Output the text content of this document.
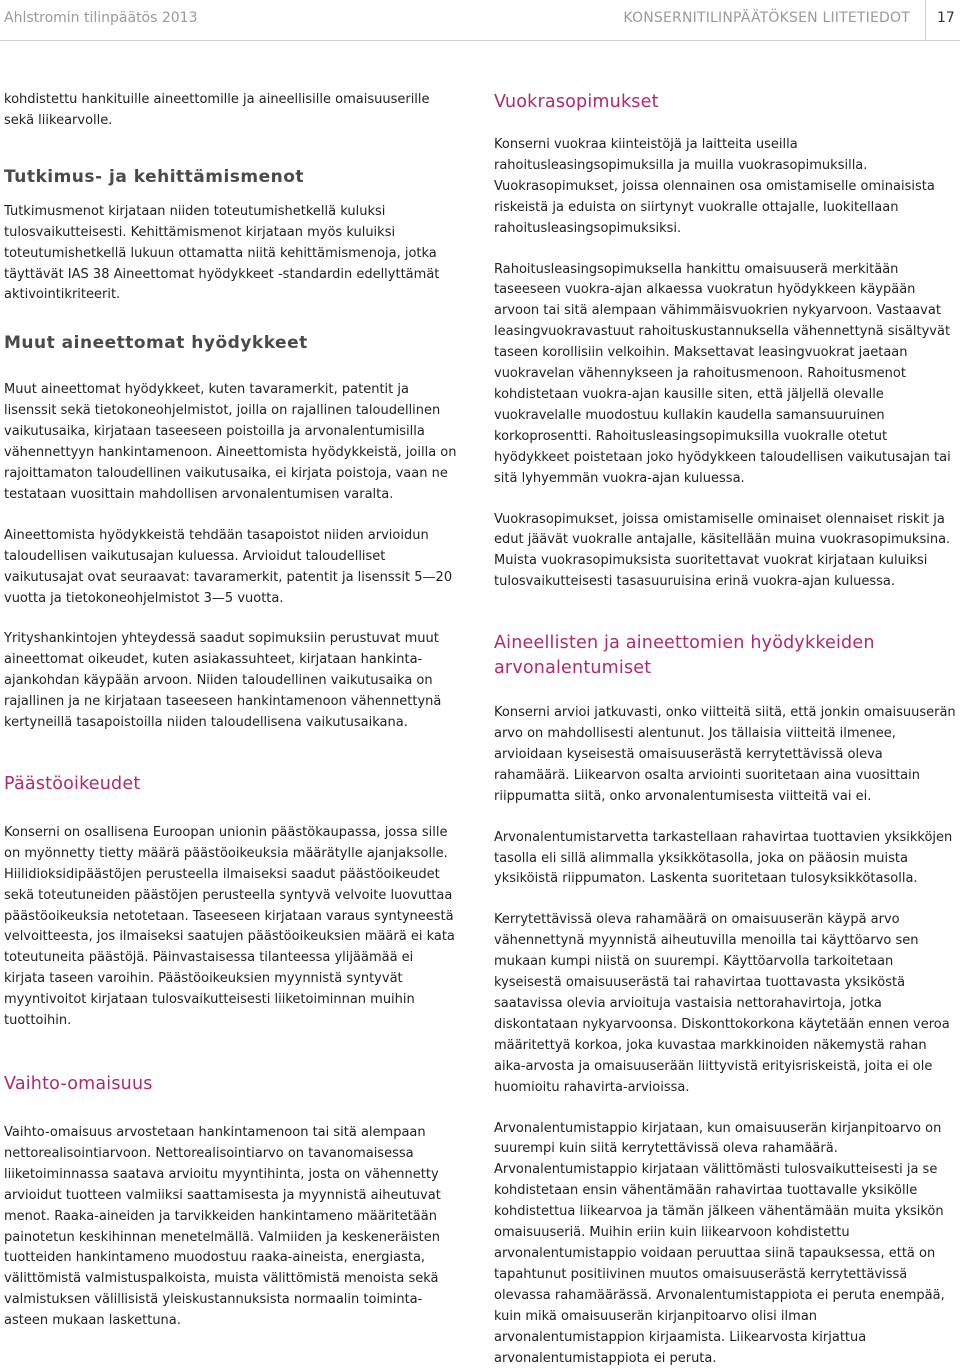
Ahlstromin tilinpäätös 2013	KONSERNITILINPÄÄTÖKSEN LIITETIEDOT 17

kohdistettu hankituille aineettomille ja aineellisille omaisuuserille sekä liikearvolle.

Tutkimus- ja kehittämismenot

Tutkimusmenot kirjataan niiden toteutumishetkellä kuluksi tulosvaikutteisesti. Kehittämismenot kirjataan myös kuluiksi toteutumishetkellä lukuun ottamatta niitä kehittämismenoja, jotka täyttävät IAS 38 Aineettomat hyödykkeet -standardin edellyttämät aktivointikriteerit.

Muut aineettomat hyödykkeet

Muut aineettomat hyödykkeet, kuten tavaramerkit, patentit ja lisenssit sekä tietokoneohjelmistot, joilla on rajallinen taloudellinen vaikutusaika, kirjataan taseeseen poistoilla ja arvonalentumisilla vähennettyyn hankintamenoon. Aineettomista hyödykkeistä, joilla on rajoittamaton taloudellinen vaikutusaika, ei kirjata poistoja, vaan ne testataan vuosittain mahdollisen arvonalentumisen varalta.

Aineettomista hyödykkeistä tehdään tasapoistot niiden arvioidun taloudellisen vaikutusajan kuluessa. Arvioidut taloudelliset vaikutusajat ovat seuraavat: tavaramerkit, patentit ja lisenssit 5—20 vuotta ja tietokoneohjelmistot 3—5 vuotta.

Yrityshankintojen yhteydessä saadut sopimuksiin perustuvat muut aineettomat oikeudet, kuten asiakassuhteet, kirjataan hankinta-ajankohdan käypään arvoon. Niiden taloudellinen vaikutusaika on rajallinen ja ne kirjataan taseeseen hankintamenoon vähennettynä kertyneillä tasapoistoilla niiden taloudellisena vaikutusaikana.

Päästöoikeudet

Konserni on osallisena Euroopan unionin päästökaupassa, jossa sille on myönnetty tietty määrä päästöoikeuksia määrätylle ajanjaksolle. Hiilidioksidipäästöjen perusteella ilmaiseksi saadut päästöoikeudet sekä toteutuneiden päästöjen perusteella syntyvä velvoite luovuttaa päästöoikeuksia netotetaan. Taseeseen kirjataan varaus syntyneestä velvoitteesta, jos ilmaiseksi saatujen päästöoikeuksien määrä ei kata toteutuneita päästöjä. Päinvastaisessa tilanteessa ylijäämää ei kirjata taseen varoihin. Päästöoikeuksien myynnistä syntyvät myyntivoitot kirjataan tulosvaikutteisesti liiketoiminnan muihin tuottoihin.

Vaihto-omaisuus

Vaihto-omaisuus arvostetaan hankintamenoon tai sitä alempaan nettorealisointiarvoon. Nettorealisointiarvo on tavanomaisessa liiketoiminnassa saatava arvioitu myyntihinta, josta on vähennetty arvioidut tuotteen valmiiksi saattamisesta ja myynnistä aiheutuvat menot. Raaka-aineiden ja tarvikkeiden hankintameno määritetään painotetun keskihinnan menetelmällä. Valmiiden ja keskeneräisten tuotteiden hankintameno muodostuu raaka-aineista, energiasta, välittömistä valmistuspalkoista, muista välittömistä menoista sekä valmistuksen välillisistä yleiskustannuksista normaalin toiminta-asteen mukaan laskettuna.

Vuokrasopimukset

Konserni vuokraa kiinteistöjä ja laitteita useilla rahoitusleasingsopimuksilla ja muilla vuokrasopimuksilla. Vuokrasopimukset, joissa olennainen osa omistamiselle ominaisista riskeistä ja eduista on siirtynyt vuokralle ottajalle, luokitellaan rahoitusleasingsopimuksiksi.

Rahoitusleasingsopimuksella hankittu omaisuuserä merkitään taseeseen vuokra-ajan alkaessa vuokratun hyödykkeen käypään arvoon tai sitä alempaan vähimmäisvuokrien nykyarvoon. Vastaavat leasingvuokravastuut rahoituskustannuksella vähennettynä sisältyvät taseen korollisiin velkoihin. Maksettavat leasingvuokrat jaetaan vuokravelan vähennykseen ja rahoitusmenoon. Rahoitusmenot kohdistetaan vuokra-ajan kausille siten, että jäljellä olevalle vuokravelalle muodostuu kullakin kaudella samansuuruinen korkoprosentti. Rahoitusleasingsopimuksilla vuokralle otetut hyödykkeet poistetaan joko hyödykkeen taloudellisen vaikutusajan tai sitä lyhyemmän vuokra-ajan kuluessa.

Vuokrasopimukset, joissa omistamiselle ominaiset olennaiset riskit ja edut jäävät vuokralle antajalle, käsitellään muina vuokrasopimuksina. Muista vuokrasopimuksista suoritettavat vuokrat kirjataan kuluiksi tulosvaikutteisesti tasasuuruisina erinä vuokra-ajan kuluessa.

Aineellisten ja aineettomien hyödykkeiden arvonalentumiset

Konserni arvioi jatkuvasti, onko viitteitä siitä, että jonkin omaisuuserän arvo on mahdollisesti alentunut. Jos tällaisia viitteitä ilmenee, arvioidaan kyseisestä omaisuuserästä kerrytettävissä oleva rahamäärä. Liikearvon osalta arviointi suoritetaan aina vuosittain riippumatta siitä, onko arvonalentumisesta viitteitä vai ei.

Arvonalentumistarvetta tarkastellaan rahavirtaa tuottavien yksikköjen tasolla eli sillä alimmalla yksikkötasolla, joka on pääosin muista yksiköistä riippumaton. Laskenta suoritetaan tulosyksikkötasolla.

Kerrytettävissä oleva rahamäärä on omaisuuserän käypä arvo vähennettynä myynnistä aiheutuvilla menoilla tai käyttöarvo sen mukaan kumpi niistä on suurempi. Käyttöarvolla tarkoitetaan kyseisestä omaisuuserästä tai rahavirtaa tuottavasta yksiköstä saatavissa olevia arvioituja vastaisia nettorahavirtoja, jotka diskontataan nykyarvoonsa. Diskonttokorkona käytetään ennen veroa määritettyä korkoa, joka kuvastaa markkinoiden näkemystä rahan aika-arvosta ja omaisuuserään liittyvistä erityisriskeistä, joita ei ole huomioitu rahavirta-arvioissa.

Arvonalentumistappio kirjataan, kun omaisuuserän kirjanpitoarvo on suurempi kuin siitä kerrytettävissä oleva rahamäärä. Arvonalentumistappio kirjataan välittömästi tulosvaikutteisesti ja se kohdistetaan ensin vähentämään rahavirtaa tuottavalle yksikölle kohdistettua liikearvoa ja tämän jälkeen vähentämään muita yksikön omaisuuseriä. Muihin eriin kuin liikearvoon kohdistettu arvonalentumistappio voidaan peruuttaa siinä tapauksessa, että on tapahtunut positiivinen muutos omaisuuserästä kerrytettävissä olevassa rahamäärässä. Arvonalentumistappiota ei peruta enempää, kuin mikä omaisuuserän kirjanpitoarvo olisi ilman arvonalentumistappion kirjaamista. Liikearvosta kirjattua arvonalentumistappiota ei peruta.
